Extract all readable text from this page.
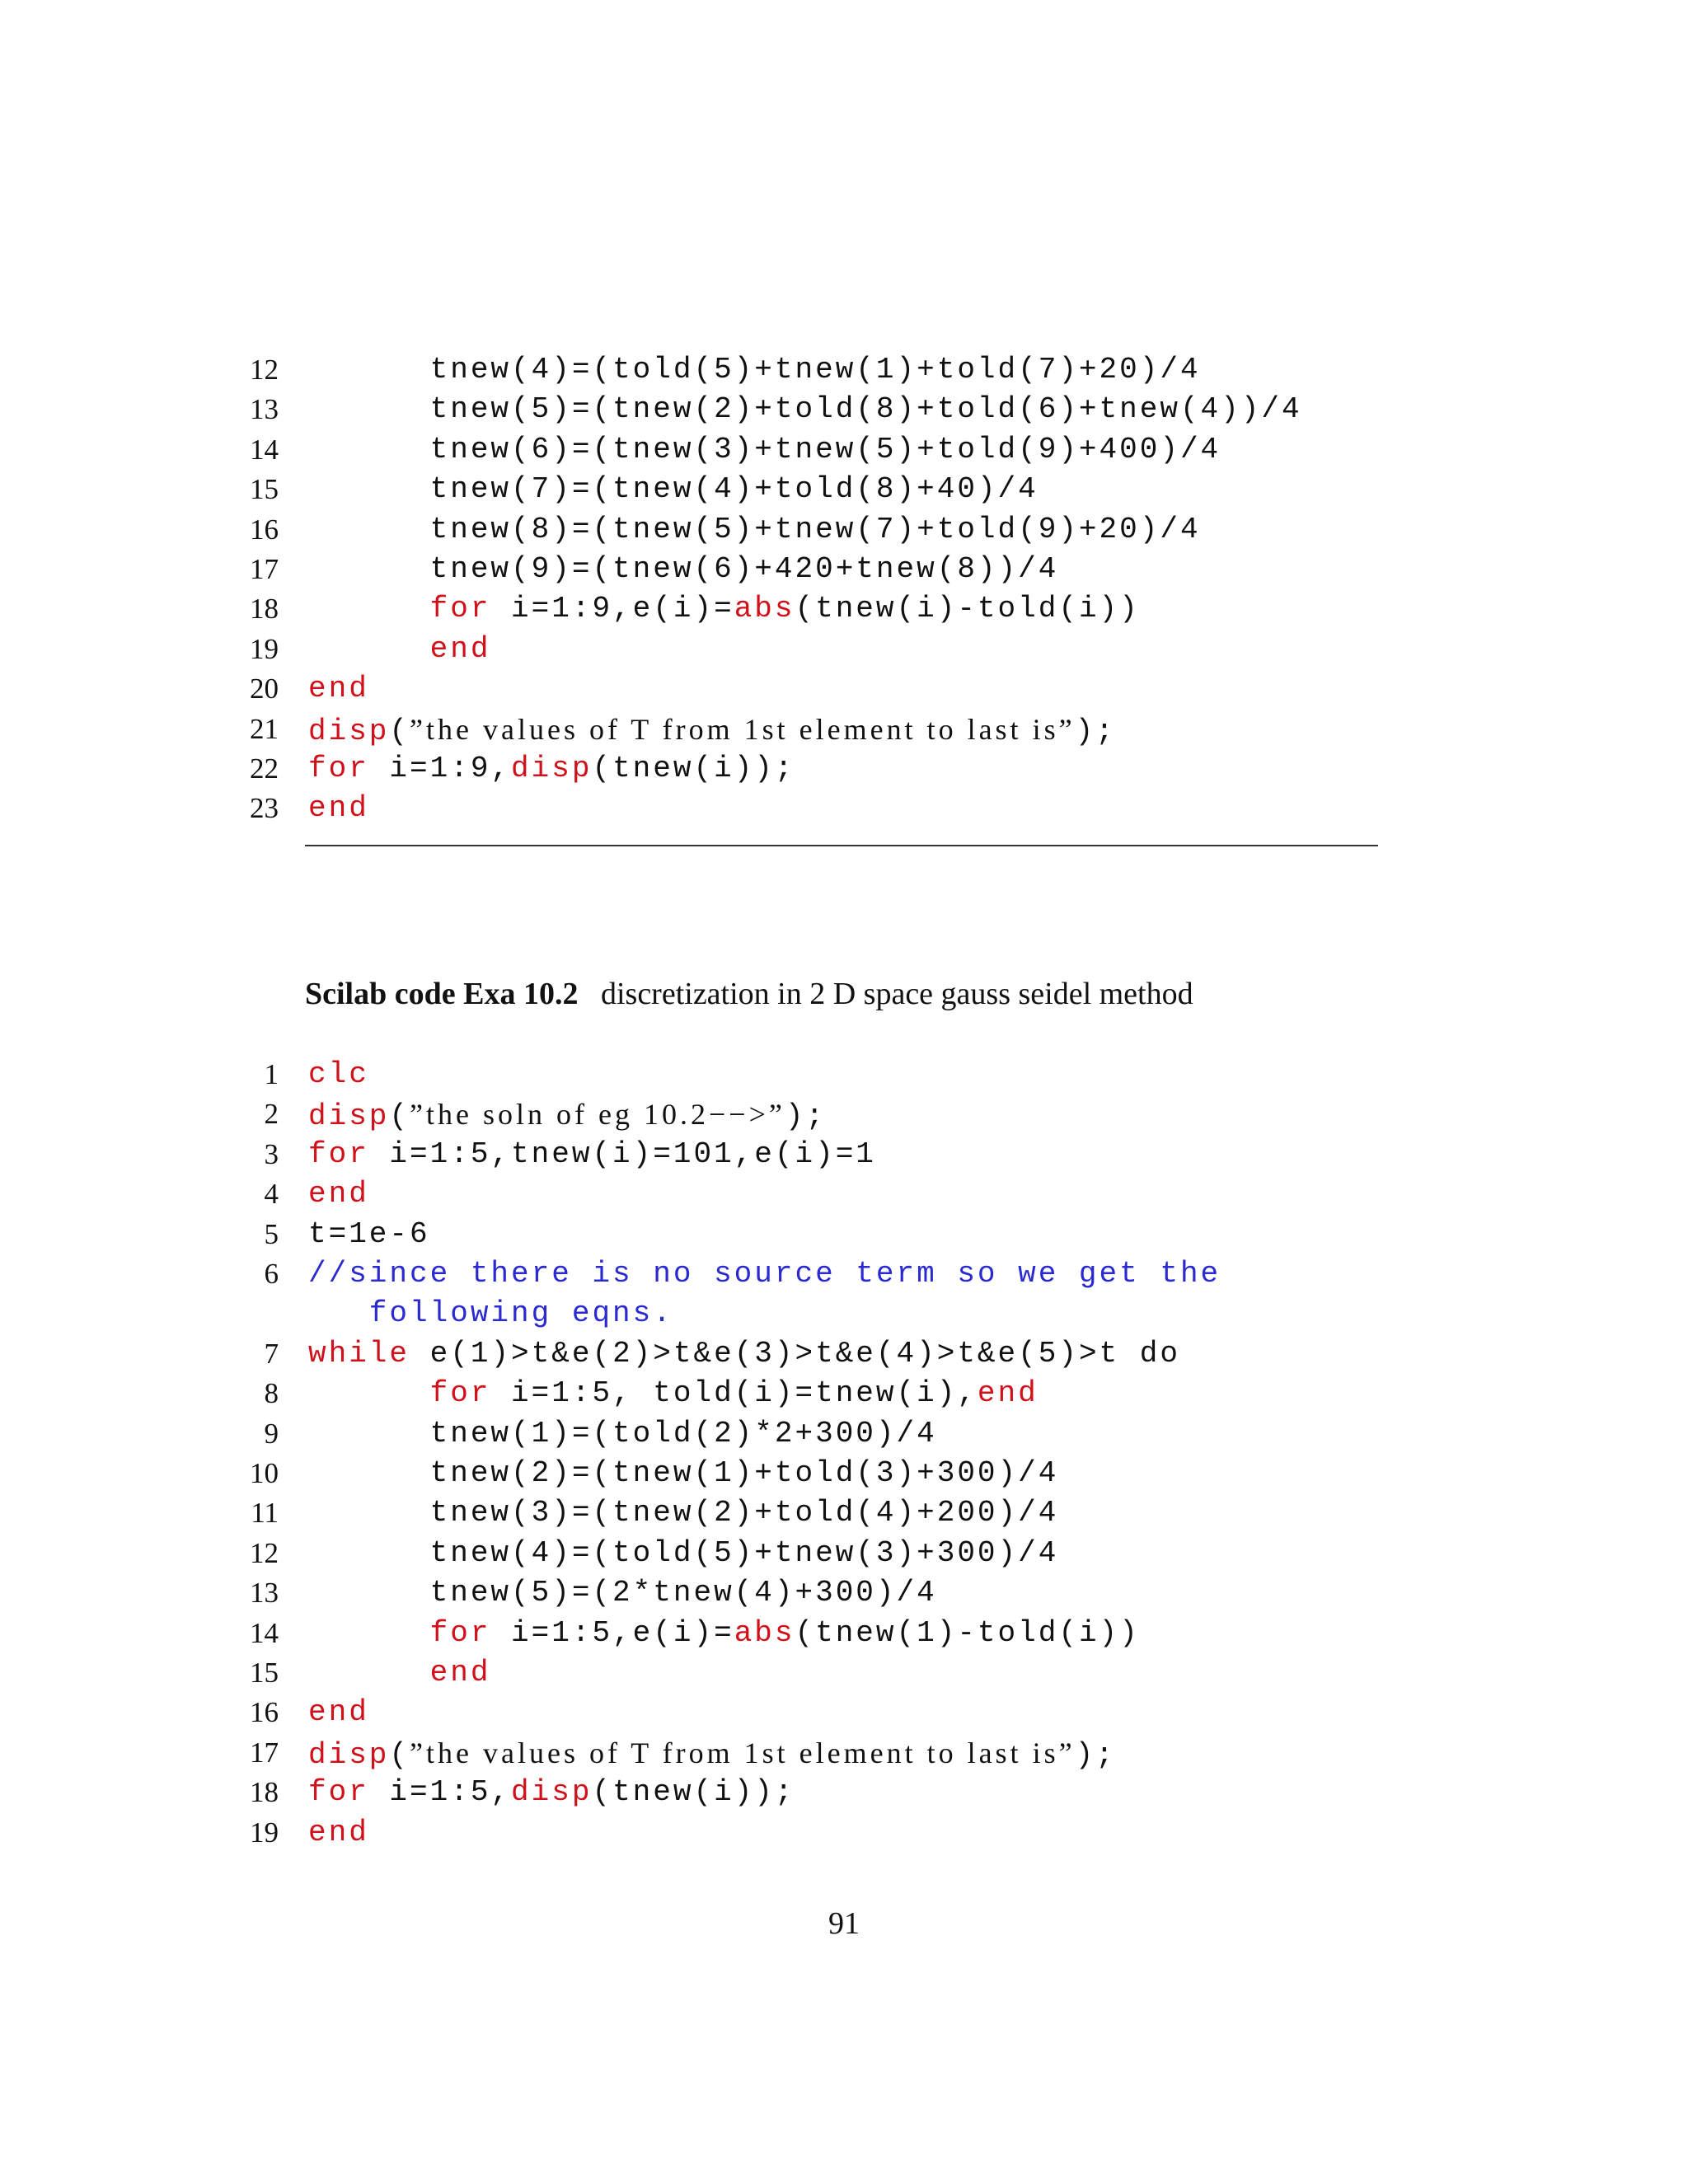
12 tnew(4)=(told(5)+tnew(1)+told(7)+20)/4
13 tnew(5)=(tnew(2)+told(8)+told(6)+tnew(4))/4
14 tnew(6)=(tnew(3)+tnew(5)+told(9)+400)/4
15 tnew(7)=(tnew(4)+told(8)+40)/4
16 tnew(8)=(tnew(5)+tnew(7)+told(9)+20)/4
17 tnew(9)=(tnew(6)+420+tnew(8))/4
18	for i=1:9,e(i)=abs(tnew(i)-told(i))
19	end
20 end
21 disp(”the values of T from 1st element to last is”);
22 for i=1:9,disp(tnew(i));
23 end
Scilab code Exa 10.2 discretization in 2 D space gauss seidel method
1 clc
2 disp(”the soln of eg 10.2−−>”);
3 for i=1:5,tnew(i)=101,e(i)=1
4 end
5 t=1e-6
6 //since there is no source term so we get the
following eqns.
7 while e(1)>t&e(2)>t&e(3)>t&e(4)>t&e(5)>t do
8	for i=1:5, told(i)=tnew(i),end
9 tnew(1)=(told(2)*2+300)/4
10 tnew(2)=(tnew(1)+told(3)+300)/4
11 tnew(3)=(tnew(2)+told(4)+200)/4
12 tnew(4)=(told(5)+tnew(3)+300)/4
13 tnew(5)=(2*tnew(4)+300)/4
14	for i=1:5,e(i)=abs(tnew(1)-told(i))
15	end
16 end
17 disp(”the values of T from 1st element to last is”);
18 for i=1:5,disp(tnew(i));
19 end
91
